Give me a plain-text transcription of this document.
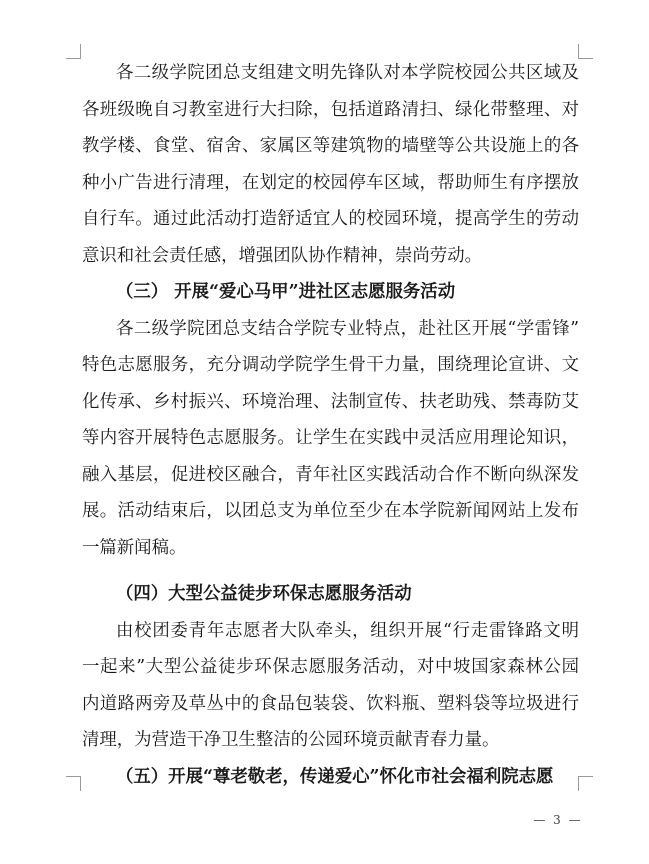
各二级学院团总支组建文明先锋队对本学院校园公共区域及
各班级晚自习教室进行大扫除，包括道路清扫、绿化带整理、对
教学楼、食堂、宿舍、家属区等建筑物的墙壁等公共设施上的各
种小广告进行清理，在划定的校园停车区域，帮助师生有序摆放
自行车。通过此活动打造舒适宜人的校园环境，提高学生的劳动
意识和社会责任感，增强团队协作精神，崇尚劳动。
（三） 开展“爱心马甲”进社区志愿服务活动
各二级学院团总支结合学院专业特点，赴社区开展“学雷锋”
特色志愿服务，充分调动学院学生骨干力量，围绕理论宣讲、文
化传承、乡村振兴、环境治理、法制宣传、扶老助残、禁毒防艾
等内容开展特色志愿服务。让学生在实践中灵活应用理论知识，
融入基层，促进校区融合，青年社区实践活动合作不断向纵深发
展。活动结束后，以团总支为单位至少在本学院新闻网站上发布
一篇新闻稿。
（四）大型公益徒步环保志愿服务活动
由校团委青年志愿者大队牵头，组织开展“行走雷锋路文明
一起来”大型公益徒步环保志愿服务活动，对中坡国家森林公园
内道路两旁及草丛中的食品包装袋、饮料瓶、塑料袋等垃圾进行
清理，为营造干净卫生整洁的公园环境贡献青春力量。
（五）开展“尊老敬老，传递爱心”怀化市社会福利院志愿
— 3 —
